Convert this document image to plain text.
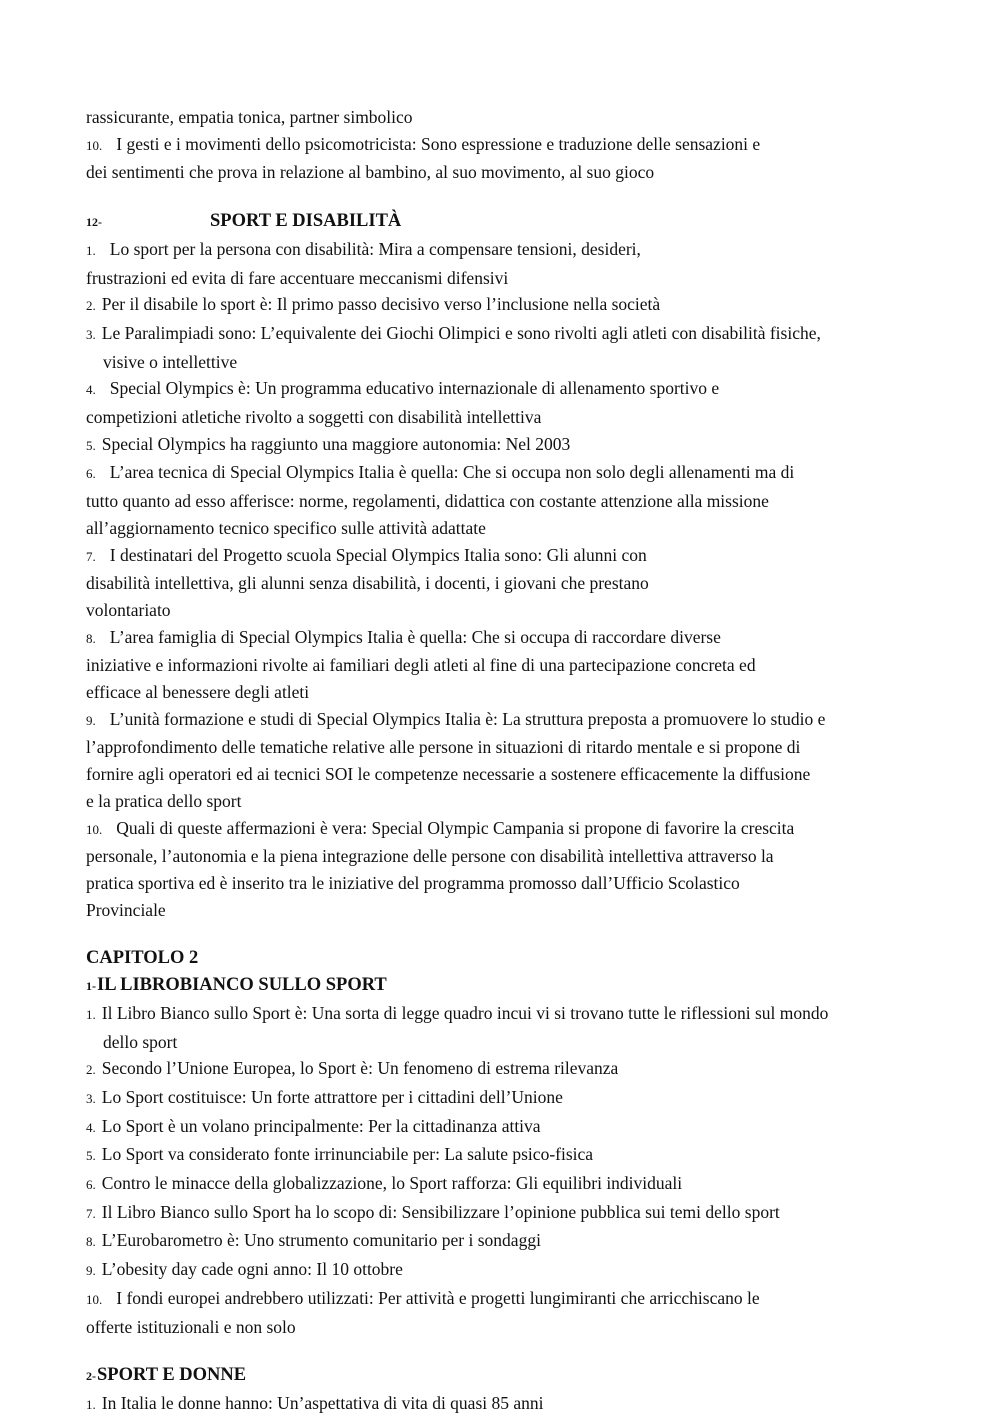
rassicurante, empatia tonica, partner simbolico

10. I gesti e i movimenti dello psicomotricista: Sono espressione e traduzione delle sensazioni e
dei sentimenti che prova in relazione al bambino, al suo movimento, al suo gioco
12-	SPORT E DISABILITÀ
1. Lo sport per la persona con disabilità: Mira a compensare tensioni, desideri,
frustrazioni ed evita di fare accentuare meccanismi difensivi
2. Per il disabile lo sport è: Il primo passo decisivo verso l’inclusione nella società
3. Le Paralimpiadi sono: L’equivalente dei Giochi Olimpici e sono rivolti agli atleti con disabilità fisiche,
visive o intellettive
4. Special Olympics è: Un programma educativo internazionale di allenamento sportivo e
competizioni atletiche rivolto a soggetti con disabilità intellettiva
5. Special Olympics ha raggiunto una maggiore autonomia: Nel 2003
6. L’area tecnica di Special Olympics Italia è quella: Che si occupa non solo degli allenamenti ma di
tutto quanto ad esso afferisce: norme, regolamenti, didattica con costante attenzione alla missione
all’aggiornamento tecnico specifico sulle attività adattate
7. I destinatari del Progetto scuola Special Olympics Italia sono: Gli alunni con
disabilità intellettiva, gli alunni senza disabilità, i docenti, i giovani che prestano
volontariato
8. L’area famiglia di Special Olympics Italia è quella: Che si occupa di raccordare diverse
iniziative e informazioni rivolte ai familiari degli atleti al fine di una partecipazione concreta ed
efficace al benessere degli atleti
9. L’unità formazione e studi di Special Olympics Italia è: La struttura preposta a promuovere lo studio e
l’approfondimento delle tematiche relative alle persone in situazioni di ritardo mentale e si propone di
fornire agli operatori ed ai tecnici SOI le competenze necessarie a sostenere efficacemente la diffusione
e la pratica dello sport
10. Quali di queste affermazioni è vera: Special Olympic Campania si propone di favorire la crescita
personale, l’autonomia e la piena integrazione delle persone con disabilità intellettiva attraverso la
pratica sportiva ed è inserito tra le iniziative del programma promosso dall’Ufficio Scolastico
Provinciale
CAPITOLO 2
1-IL LIBROBIANCO SULLO SPORT
1. Il Libro Bianco sullo Sport è: Una sorta di legge quadro incui vi si trovano tutte le riflessioni sul mondo
dello sport
2. Secondo l’Unione Europea, lo Sport è: Un fenomeno di estrema rilevanza
3. Lo Sport costituisce: Un forte attrattore per i cittadini dell’Unione
4. Lo Sport è un volano principalmente: Per la cittadinanza attiva
5. Lo Sport va considerato fonte irrinunciabile per: La salute psico-fisica
6. Contro le minacce della globalizzazione, lo Sport rafforza: Gli equilibri individuali
7. Il Libro Bianco sullo Sport ha lo scopo di: Sensibilizzare l’opinione pubblica sui temi dello sport
8. L’Eurobarometro è: Uno strumento comunitario per i sondaggi
9. L’obesity day cade ogni anno: Il 10 ottobre
10. I fondi europei andrebbero utilizzati: Per attività e progetti lungimiranti che arricchiscano le
offerte istituzionali e non solo
2-SPORT E DONNE
1. In Italia le donne hanno: Un’aspettativa di vita di quasi 85 anni
